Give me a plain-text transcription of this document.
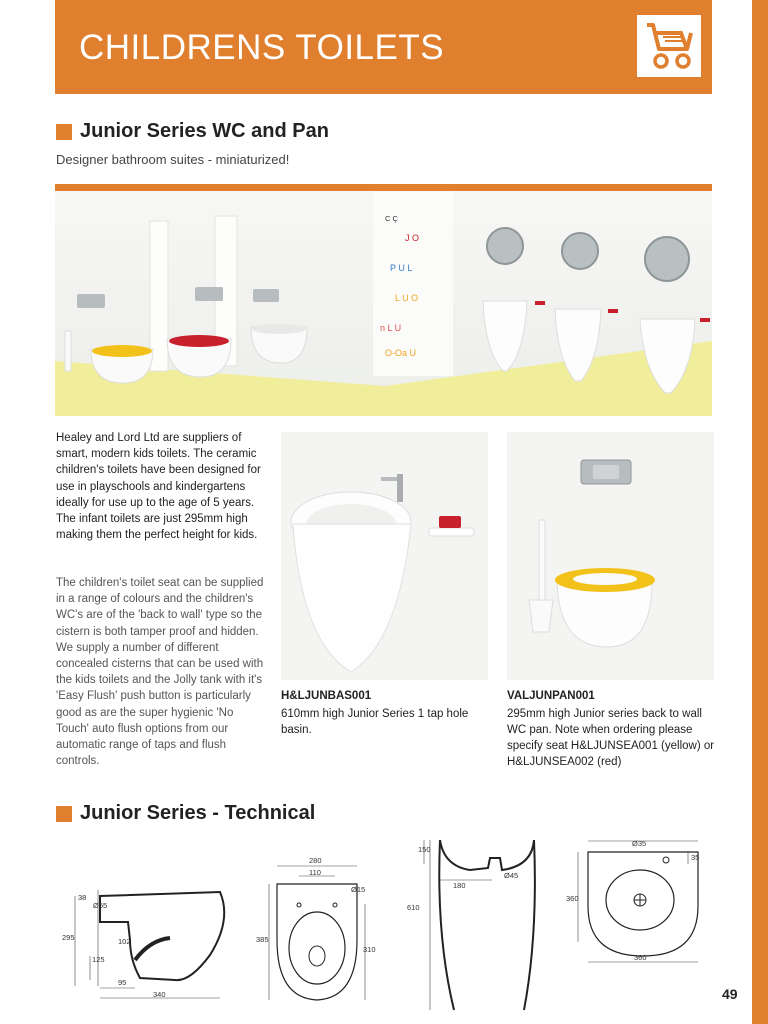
CHILDRENS TOILETS
Junior Series WC and Pan
Designer bathroom suites - miniaturized!
C Ç
J O
P U L
L U O
n L U
O-Oa U

Healey and Lord Ltd are suppliers of smart, modern kids toilets. The ceramic children's toilets have been designed for use in playschools and kindergartens ideally for use up to the age of 5 years. The infant toilets are just 295mm high making them the perfect height for kids.

The children's toilet seat can be supplied in a range of colours and the children's WC's are of the 'back to wall' type so the cistern is both tamper proof and hidden. We supply a number of different concealed cisterns that can be used with the kids toilets and the Jolly tank with it's 'Easy Flush' push button is particularly good as are the super hygienic 'No Touch' auto flush options from our automatic range of taps and flush controls.

H&LJUNBAS001

610mm high Junior Series 1 tap hole basin.

VALJUNPAN001

295mm high Junior series back to wall WC pan. Note when ordering please specify seat H&LJUNSEA001 (yellow) or H&LJUNSEA002 (red)

Junior Series - Technical
38
Ø55
295	102
125
95
340
280
110
Ø15
385
310
150
180
Ø45
610
Ø35
35
360
360
49
